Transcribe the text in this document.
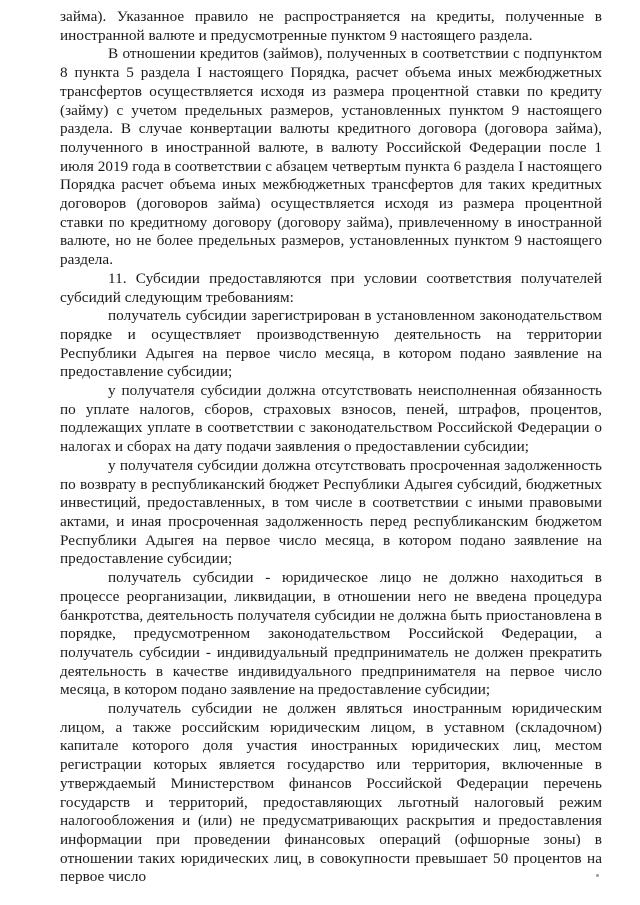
займа). Указанное правило не распространяется на кредиты, полученные в иностранной валюте и предусмотренные пунктом 9 настоящего раздела.

В отношении кредитов (займов), полученных в соответствии с подпунктом 8 пункта 5 раздела I настоящего Порядка, расчет объема иных межбюджетных трансфертов осуществляется исходя из размера процентной ставки по кредиту (займу) с учетом предельных размеров, установленных пунктом 9 настоящего раздела. В случае конвертации валюты кредитного договора (договора займа), полученного в иностранной валюте, в валюту Российской Федерации после 1 июля 2019 года в соответствии с абзацем четвертым пункта 6 раздела I настоящего Порядка расчет объема иных межбюджетных трансфертов для таких кредитных договоров (договоров займа) осуществляется исходя из размера процентной ставки по кредитному договору (договору займа), привлеченному в иностранной валюте, но не более предельных размеров, установленных пунктом 9 настоящего раздела.

11. Субсидии предоставляются при условии соответствия получателей субсидий следующим требованиям:

получатель субсидии зарегистрирован в установленном законодательством порядке и осуществляет производственную деятельность на территории Республики Адыгея на первое число месяца, в котором подано заявление на предоставление субсидии;

у получателя субсидии должна отсутствовать неисполненная обязанность по уплате налогов, сборов, страховых взносов, пеней, штрафов, процентов, подлежащих уплате в соответствии с законодательством Российской Федерации о налогах и сборах на дату подачи заявления о предоставлении субсидии;

у получателя субсидии должна отсутствовать просроченная задолженность по возврату в республиканский бюджет Республики Адыгея субсидий, бюджетных инвестиций, предоставленных, в том числе в соответствии с иными правовыми актами, и иная просроченная задолженность перед республиканским бюджетом Республики Адыгея на первое число месяца, в котором подано заявление на предоставление субсидии;

получатель субсидии - юридическое лицо не должно находиться в процессе реорганизации, ликвидации, в отношении него не введена процедура банкротства, деятельность получателя субсидии не должна быть приостановлена в порядке, предусмотренном законодательством Российской Федерации, а получатель субсидии - индивидуальный предприниматель не должен прекратить деятельность в качестве индивидуального предпринимателя на первое число месяца, в котором подано заявление на предоставление субсидии;

получатель субсидии не должен являться иностранным юридическим лицом, а также российским юридическим лицом, в уставном (складочном) капитале которого доля участия иностранных юридических лиц, местом регистрации которых является государство или территория, включенные в утверждаемый Министерством финансов Российской Федерации перечень государств и территорий, предоставляющих льготный налоговый режим налогообложения и (или) не предусматривающих раскрытия и предоставления информации при проведении финансовых операций (офшорные зоны) в отношении таких юридических лиц, в совокупности превышает 50 процентов на первое число
